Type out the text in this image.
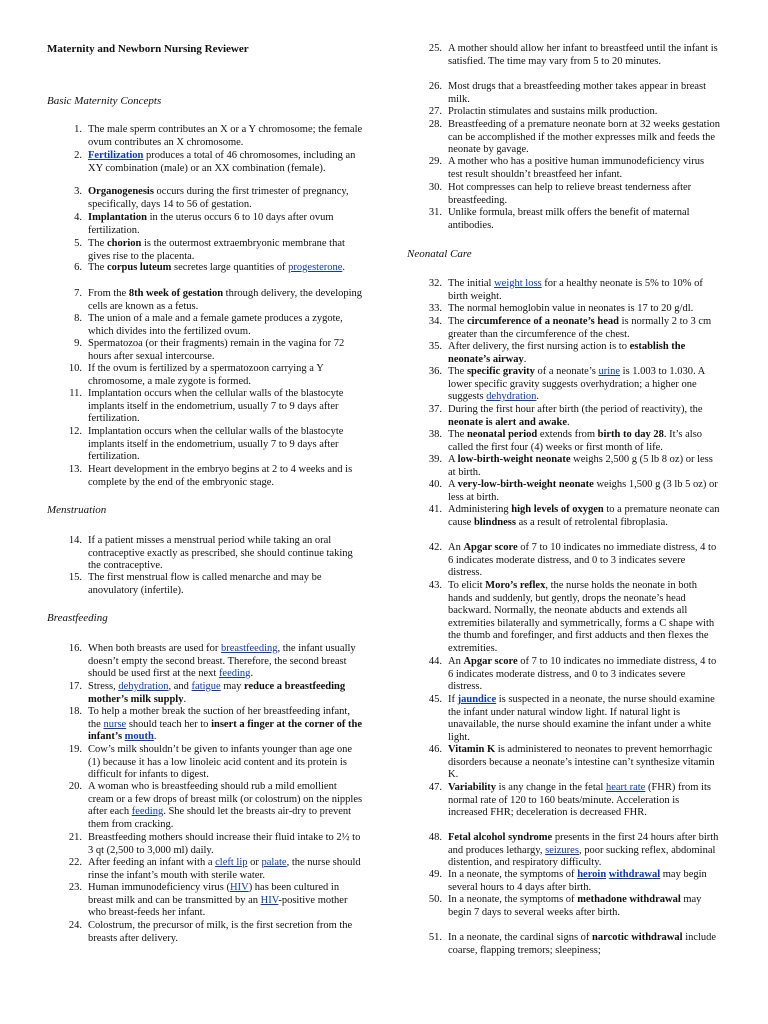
Maternity and Newborn Nursing Reviewer
Basic Maternity Concepts
1. The male sperm contributes an X or a Y chromosome; the female ovum contributes an X chromosome.
2. Fertilization produces a total of 46 chromosomes, including an XY combination (male) or an XX combination (female).
3. Organogenesis occurs during the first trimester of pregnancy, specifically, days 14 to 56 of gestation.
4. Implantation in the uterus occurs 6 to 10 days after ovum fertilization.
5. The chorion is the outermost extraembryonic membrane that gives rise to the placenta.
6. The corpus luteum secretes large quantities of progesterone.
7. From the 8th week of gestation through delivery, the developing cells are known as a fetus.
8. The union of a male and a female gamete produces a zygote, which divides into the fertilized ovum.
9. Spermatozoa (or their fragments) remain in the vagina for 72 hours after sexual intercourse.
10. If the ovum is fertilized by a spermatozoon carrying a Y chromosome, a male zygote is formed.
11. Implantation occurs when the cellular walls of the blastocyte implants itself in the endometrium, usually 7 to 9 days after fertilization.
12. Implantation occurs when the cellular walls of the blastocyte implants itself in the endometrium, usually 7 to 9 days after fertilization.
13. Heart development in the embryo begins at 2 to 4 weeks and is complete by the end of the embryonic stage.
Menstruation
14. If a patient misses a menstrual period while taking an oral contraceptive exactly as prescribed, she should continue taking the contraceptive.
15. The first menstrual flow is called menarche and may be anovulatory (infertile).
Breastfeeding
16. When both breasts are used for breastfeeding, the infant usually doesn’t empty the second breast. Therefore, the second breast should be used first at the next feeding.
17. Stress, dehydration, and fatigue may reduce a breastfeeding mother’s milk supply.
18. To help a mother break the suction of her breastfeeding infant, the nurse should teach her to insert a finger at the corner of the infant’s mouth.
19. Cow’s milk shouldn’t be given to infants younger than age one (1) because it has a low linoleic acid content and its protein is difficult for infants to digest.
20. A woman who is breastfeeding should rub a mild emollient cream or a few drops of breast milk (or colostrum) on the nipples after each feeding. She should let the breasts air-dry to prevent them from cracking.
21. Breastfeeding mothers should increase their fluid intake to 2½ to 3 qt (2,500 to 3,000 ml) daily.
22. After feeding an infant with a cleft lip or palate, the nurse should rinse the infant’s mouth with sterile water.
23. Human immunodeficiency virus (HIV) has been cultured in breast milk and can be transmitted by an HIV-positive mother who breast-feeds her infant.
24. Colostrum, the precursor of milk, is the first secretion from the breasts after delivery.
25. A mother should allow her infant to breastfeed until the infant is satisfied. The time may vary from 5 to 20 minutes.
26. Most drugs that a breastfeeding mother takes appear in breast milk.
27. Prolactin stimulates and sustains milk production.
28. Breastfeeding of a premature neonate born at 32 weeks gestation can be accomplished if the mother expresses milk and feeds the neonate by gavage.
29. A mother who has a positive human immunodeficiency virus test result shouldn’t breastfeed her infant.
30. Hot compresses can help to relieve breast tenderness after breastfeeding.
31. Unlike formula, breast milk offers the benefit of maternal antibodies.
Neonatal Care
32. The initial weight loss for a healthy neonate is 5% to 10% of birth weight.
33. The normal hemoglobin value in neonates is 17 to 20 g/dl.
34. The circumference of a neonate’s head is normally 2 to 3 cm greater than the circumference of the chest.
35. After delivery, the first nursing action is to establish the neonate’s airway.
36. The specific gravity of a neonate’s urine is 1.003 to 1.030. A lower specific gravity suggests overhydration; a higher one suggests dehydration.
37. During the first hour after birth (the period of reactivity), the neonate is alert and awake.
38. The neonatal period extends from birth to day 28. It’s also called the first four (4) weeks or first month of life.
39. A low-birth-weight neonate weighs 2,500 g (5 lb 8 oz) or less at birth.
40. A very-low-birth-weight neonate weighs 1,500 g (3 lb 5 oz) or less at birth.
41. Administering high levels of oxygen to a premature neonate can cause blindness as a result of retrolental fibroplasia.
42. An Apgar score of 7 to 10 indicates no immediate distress, 4 to 6 indicates moderate distress, and 0 to 3 indicates severe distress.
43. To elicit Moro’s reflex, the nurse holds the neonate in both hands and suddenly, but gently, drops the neonate’s head backward. Normally, the neonate abducts and extends all extremities bilaterally and symmetrically, forms a C shape with the thumb and forefinger, and first adducts and then flexes the extremities.
44. An Apgar score of 7 to 10 indicates no immediate distress, 4 to 6 indicates moderate distress, and 0 to 3 indicates severe distress.
45. If jaundice is suspected in a neonate, the nurse should examine the infant under natural window light. If natural light is unavailable, the nurse should examine the infant under a white light.
46. Vitamin K is administered to neonates to prevent hemorrhagic disorders because a neonate’s intestine can’t synthesize vitamin K.
47. Variability is any change in the fetal heart rate (FHR) from its normal rate of 120 to 160 beats/minute. Acceleration is increased FHR; deceleration is decreased FHR.
48. Fetal alcohol syndrome presents in the first 24 hours after birth and produces lethargy, seizures, poor sucking reflex, abdominal distention, and respiratory difficulty.
49. In a neonate, the symptoms of heroin withdrawal may begin several hours to 4 days after birth.
50. In a neonate, the symptoms of methadone withdrawal may begin 7 days to several weeks after birth.
51. In a neonate, the cardinal signs of narcotic withdrawal include coarse, flapping tremors; sleepiness;
